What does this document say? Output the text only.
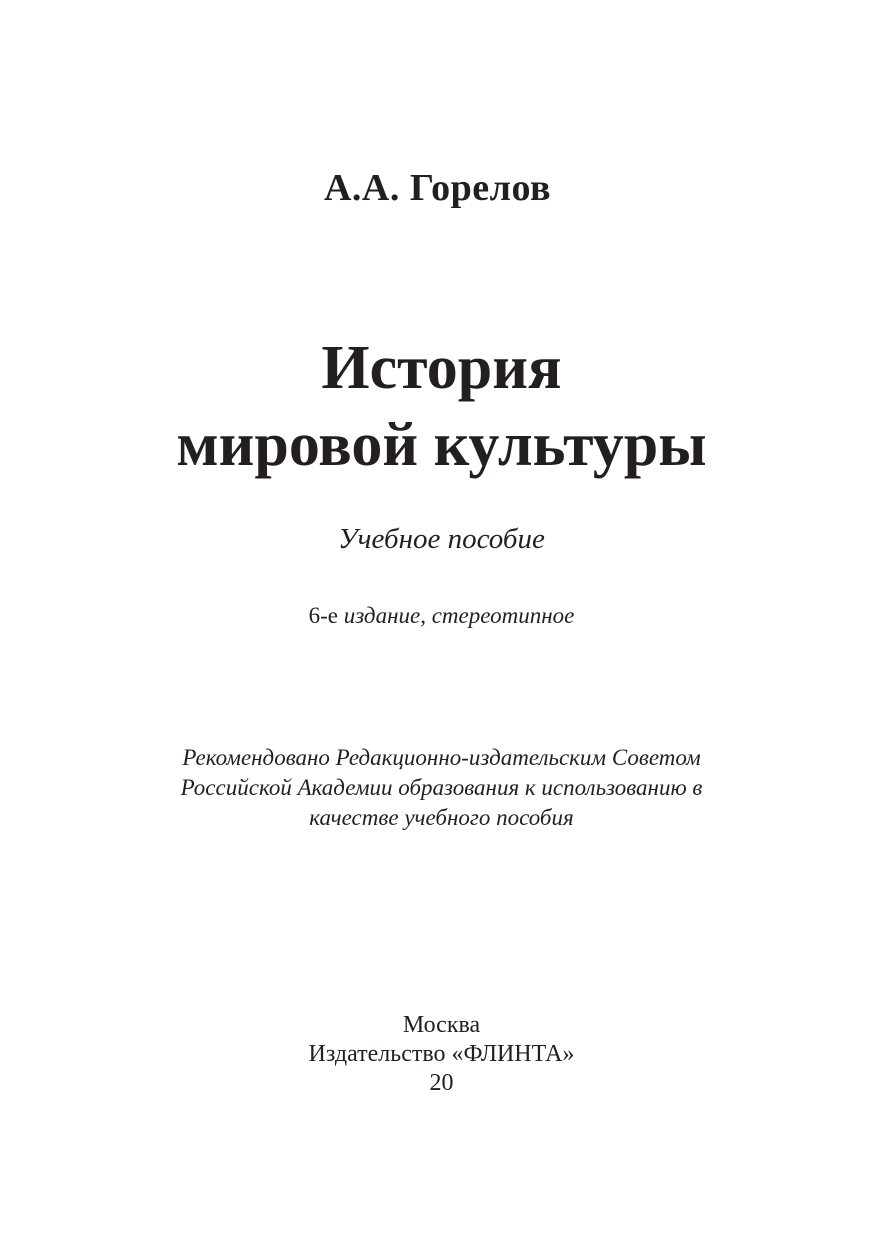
А.А. Горелов
История
мировой культуры
Учебное пособие
6-е издание, стереотипное
Рекомендовано Редакционно-издательским Советом
Российской Академии образования к использованию в
качестве учебного пособия
Москва
Издательство «ФЛИНТА»
20
